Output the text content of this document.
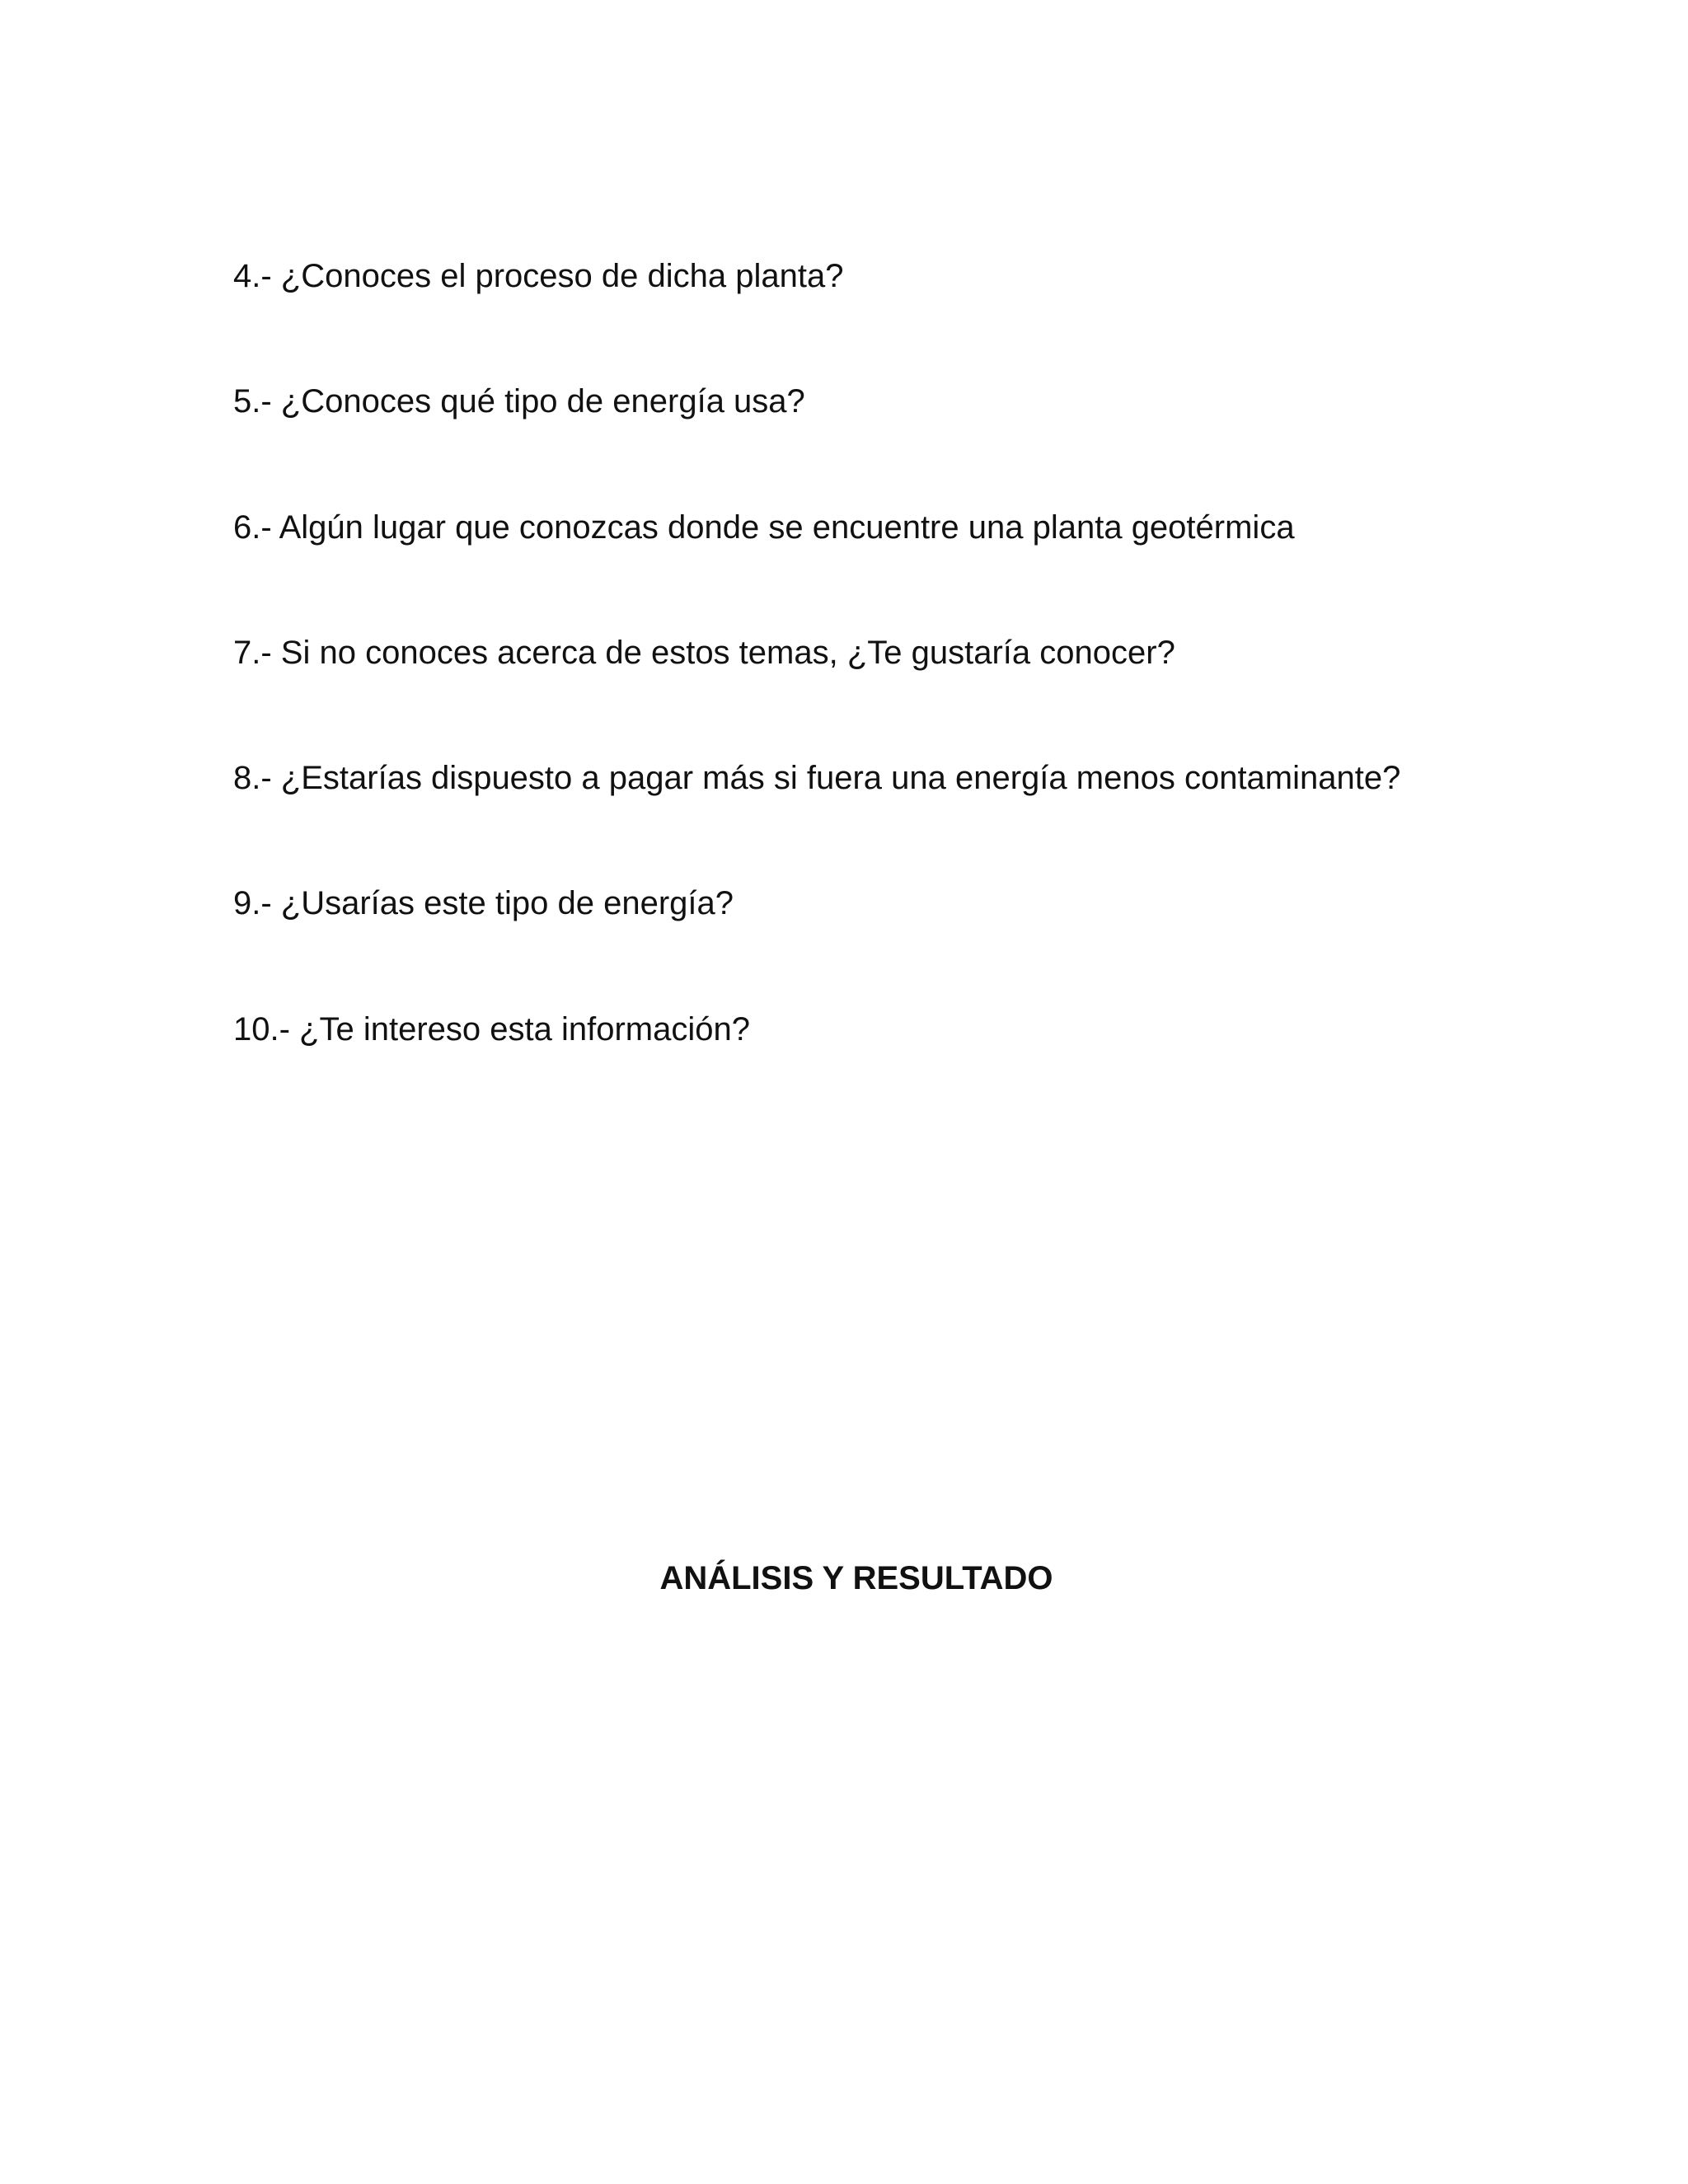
4.- ¿Conoces el proceso de dicha planta?

5.- ¿Conoces qué tipo de energía usa?

6.- Algún lugar que conozcas donde se encuentre una planta geotérmica

7.- Si no conoces acerca de estos temas, ¿Te gustaría conocer?

8.- ¿Estarías dispuesto a pagar más si fuera una energía menos contaminante?

9.- ¿Usarías este tipo de energía?

10.- ¿Te intereso esta información?

ANÁLISIS Y RESULTADO
